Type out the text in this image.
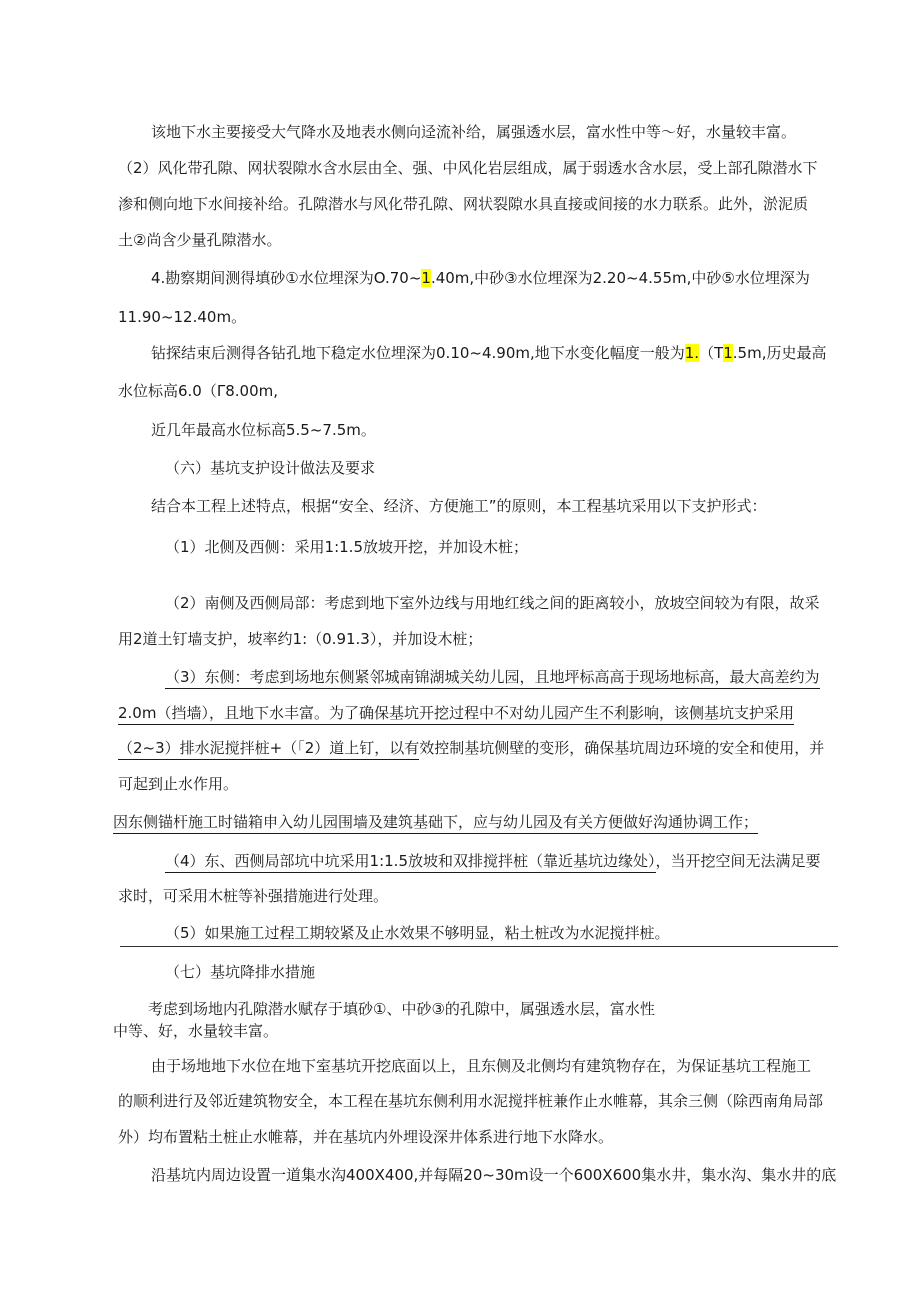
该地下水主要接受大气降水及地表水侧向迳流补给，属强透水层，富水性中等～好，水量较丰富。
（2）风化带孔隙、网状裂隙水含水层由全、强、中风化岩层组成，属于弱透水含水层，受上部孔隙潜水下
渗和侧向地下水间接补给。孔隙潜水与风化带孔隙、网状裂隙水具直接或间接的水力联系。此外，淤泥质
土②尚含少量孔隙潜水。
4.勘察期间测得填砂①水位埋深为O.70~1.40m,中砂③水位埋深为2.20~4.55m,中砂⑤水位埋深为
11.90~12.40m。
钻探结束后测得各钻孔地下稳定水位埋深为0.10~4.90m,地下水变化幅度一般为1.（T1.5m,历史最高
水位标高6.0（Γ8.00m,
近几年最高水位标高5.5~7.5m。
（六）基坑支护设计做法及要求
结合本工程上述特点，根据“安全、经济、方便施工”的原则，本工程基坑采用以下支护形式：
（1）北侧及西侧：采用1:1.5放坡开挖，并加设木桩；
（2）南侧及西侧局部：考虑到地下室外边线与用地红线之间的距离较小，放坡空间较为有限，故采
用2道土钉墙支护，坡率约1:（0.91.3），并加设木桩；
（3）东侧：考虑到场地东侧紧邻城南锦湖城关幼儿园，且地坪标高高于现场地标高，最大高差约为
2.0m（挡墙），且地下水丰富。为了确保基坑开挖过程中不对幼儿园产生不利影响，该侧基坑支护采用
（2~3）排水泥搅拌桩+（「2）道上钉，以有效控制基坑侧壁的变形，确保基坑周边环境的安全和使用，并
可起到止水作用。
因东侧锚杆施工时锚箱申入幼儿园围墙及建筑基础下，应与幼儿园及有关方便做好沟通协调工作；
（4）东、西侧局部坑中坑采用1:1.5放坡和双排搅拌桩（靠近基坑边缘处），当开挖空间无法满足要
求时，可采用木桩等补强措施进行处理。
（5）如果施工过程工期较紧及止水效果不够明显，粘土桩改为水泥搅拌桩。
（七）基坑降排水措施
考虑到场地内孔隙潜水赋存于填砂①、中砂③的孔隙中，属强透水层，富水性
中等、好，水量较丰富。
由于场地地下水位在地下室基坑开挖底面以上，且东侧及北侧均有建筑物存在，为保证基坑工程施工
的顺利进行及邻近建筑物安全，本工程在基坑东侧利用水泥搅拌桩兼作止水帷幕，其余三侧（除西南角局部
外）均布置粘土桩止水帷幕，并在基坑内外埋设深井体系进行地下水降水。
沿基坑内周边设置一道集水沟400X400,并每隔20~30m设一个600X600集水井，集水沟、集水井的底
